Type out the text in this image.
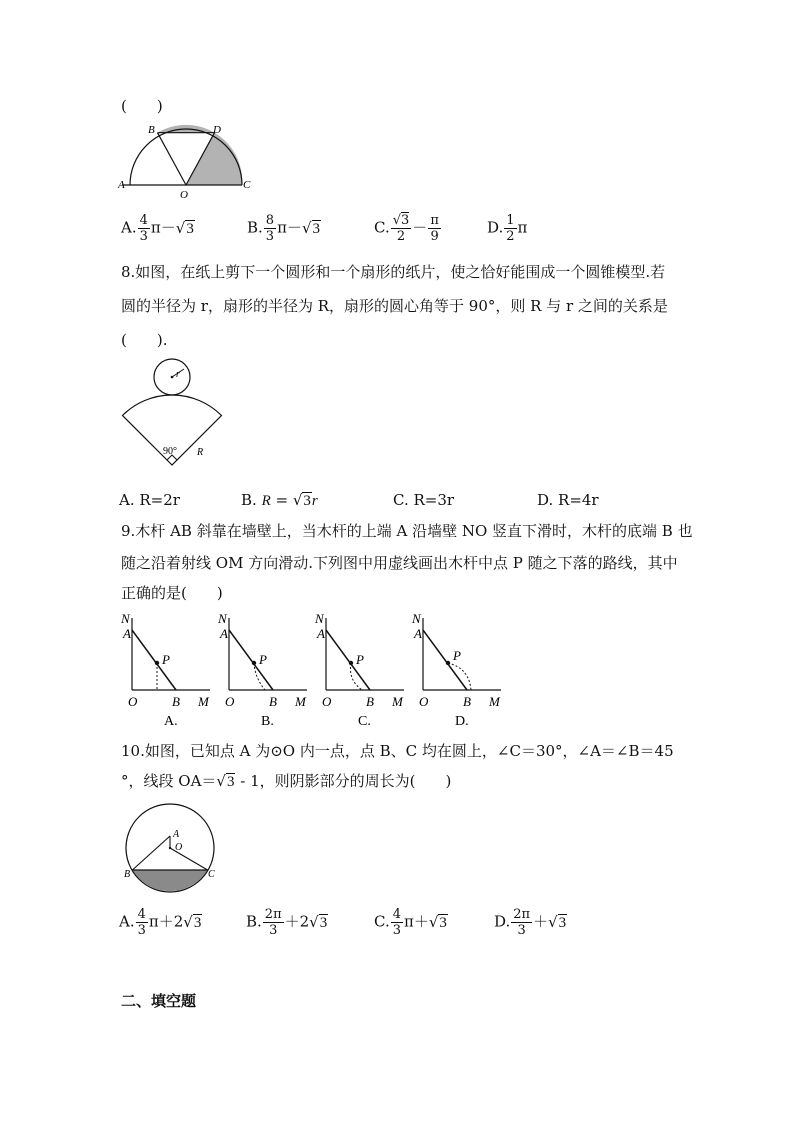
(　　)
B	D
A
O
C
A. $\frac{4}{3} \pi-√3$	B. $\frac{8}{3} \pi-√3$	C. $\frac{√3}{2} - \frac{\pi}{9}$	D. $\frac{1}{2}$ π
8.如图，在纸上剪下一个圆形和一个扇形的纸片，使之恰好能围成一个圆锥模型.若
圆的半径为 r，扇形的半径为 R，扇形的圆心角等于 90°，则 R 与 r 之间的关系是
(　　).
r
90° R
A. R=2r	B. R = √3r	C. R=3r	D. R=4r
9.木杆 AB 斜靠在墙壁上，当木杆的上端 A 沿墙壁 NO 竖直下滑时，木杆的底端 B 也
随之沿着射线 OM 方向滑动.下列图中用虚线画出木杆中点 P 随之下落的路线，其中
正确的是(　　)
N
A
P
O	B M
A.
N
A
P
O	B M
B.
N
A
P
O	B M
C.
N
A
P
O	B M
D.
10.如图，已知点 A 为⊙O 内一点，点 B、C 均在圆上，∠C＝30°，∠A＝∠B＝45
°，线段 OA＝√3 - 1，则阴影部分的周长为(　　)
A
O
B	C
A. $\frac{4}{3} \pi+2√3$	B. $\frac{2\pi}{3} +2√3$	C. $\frac{4}{3} \pi+√3$	D. $\frac{2\pi}{3} +√3$
二、填空题
